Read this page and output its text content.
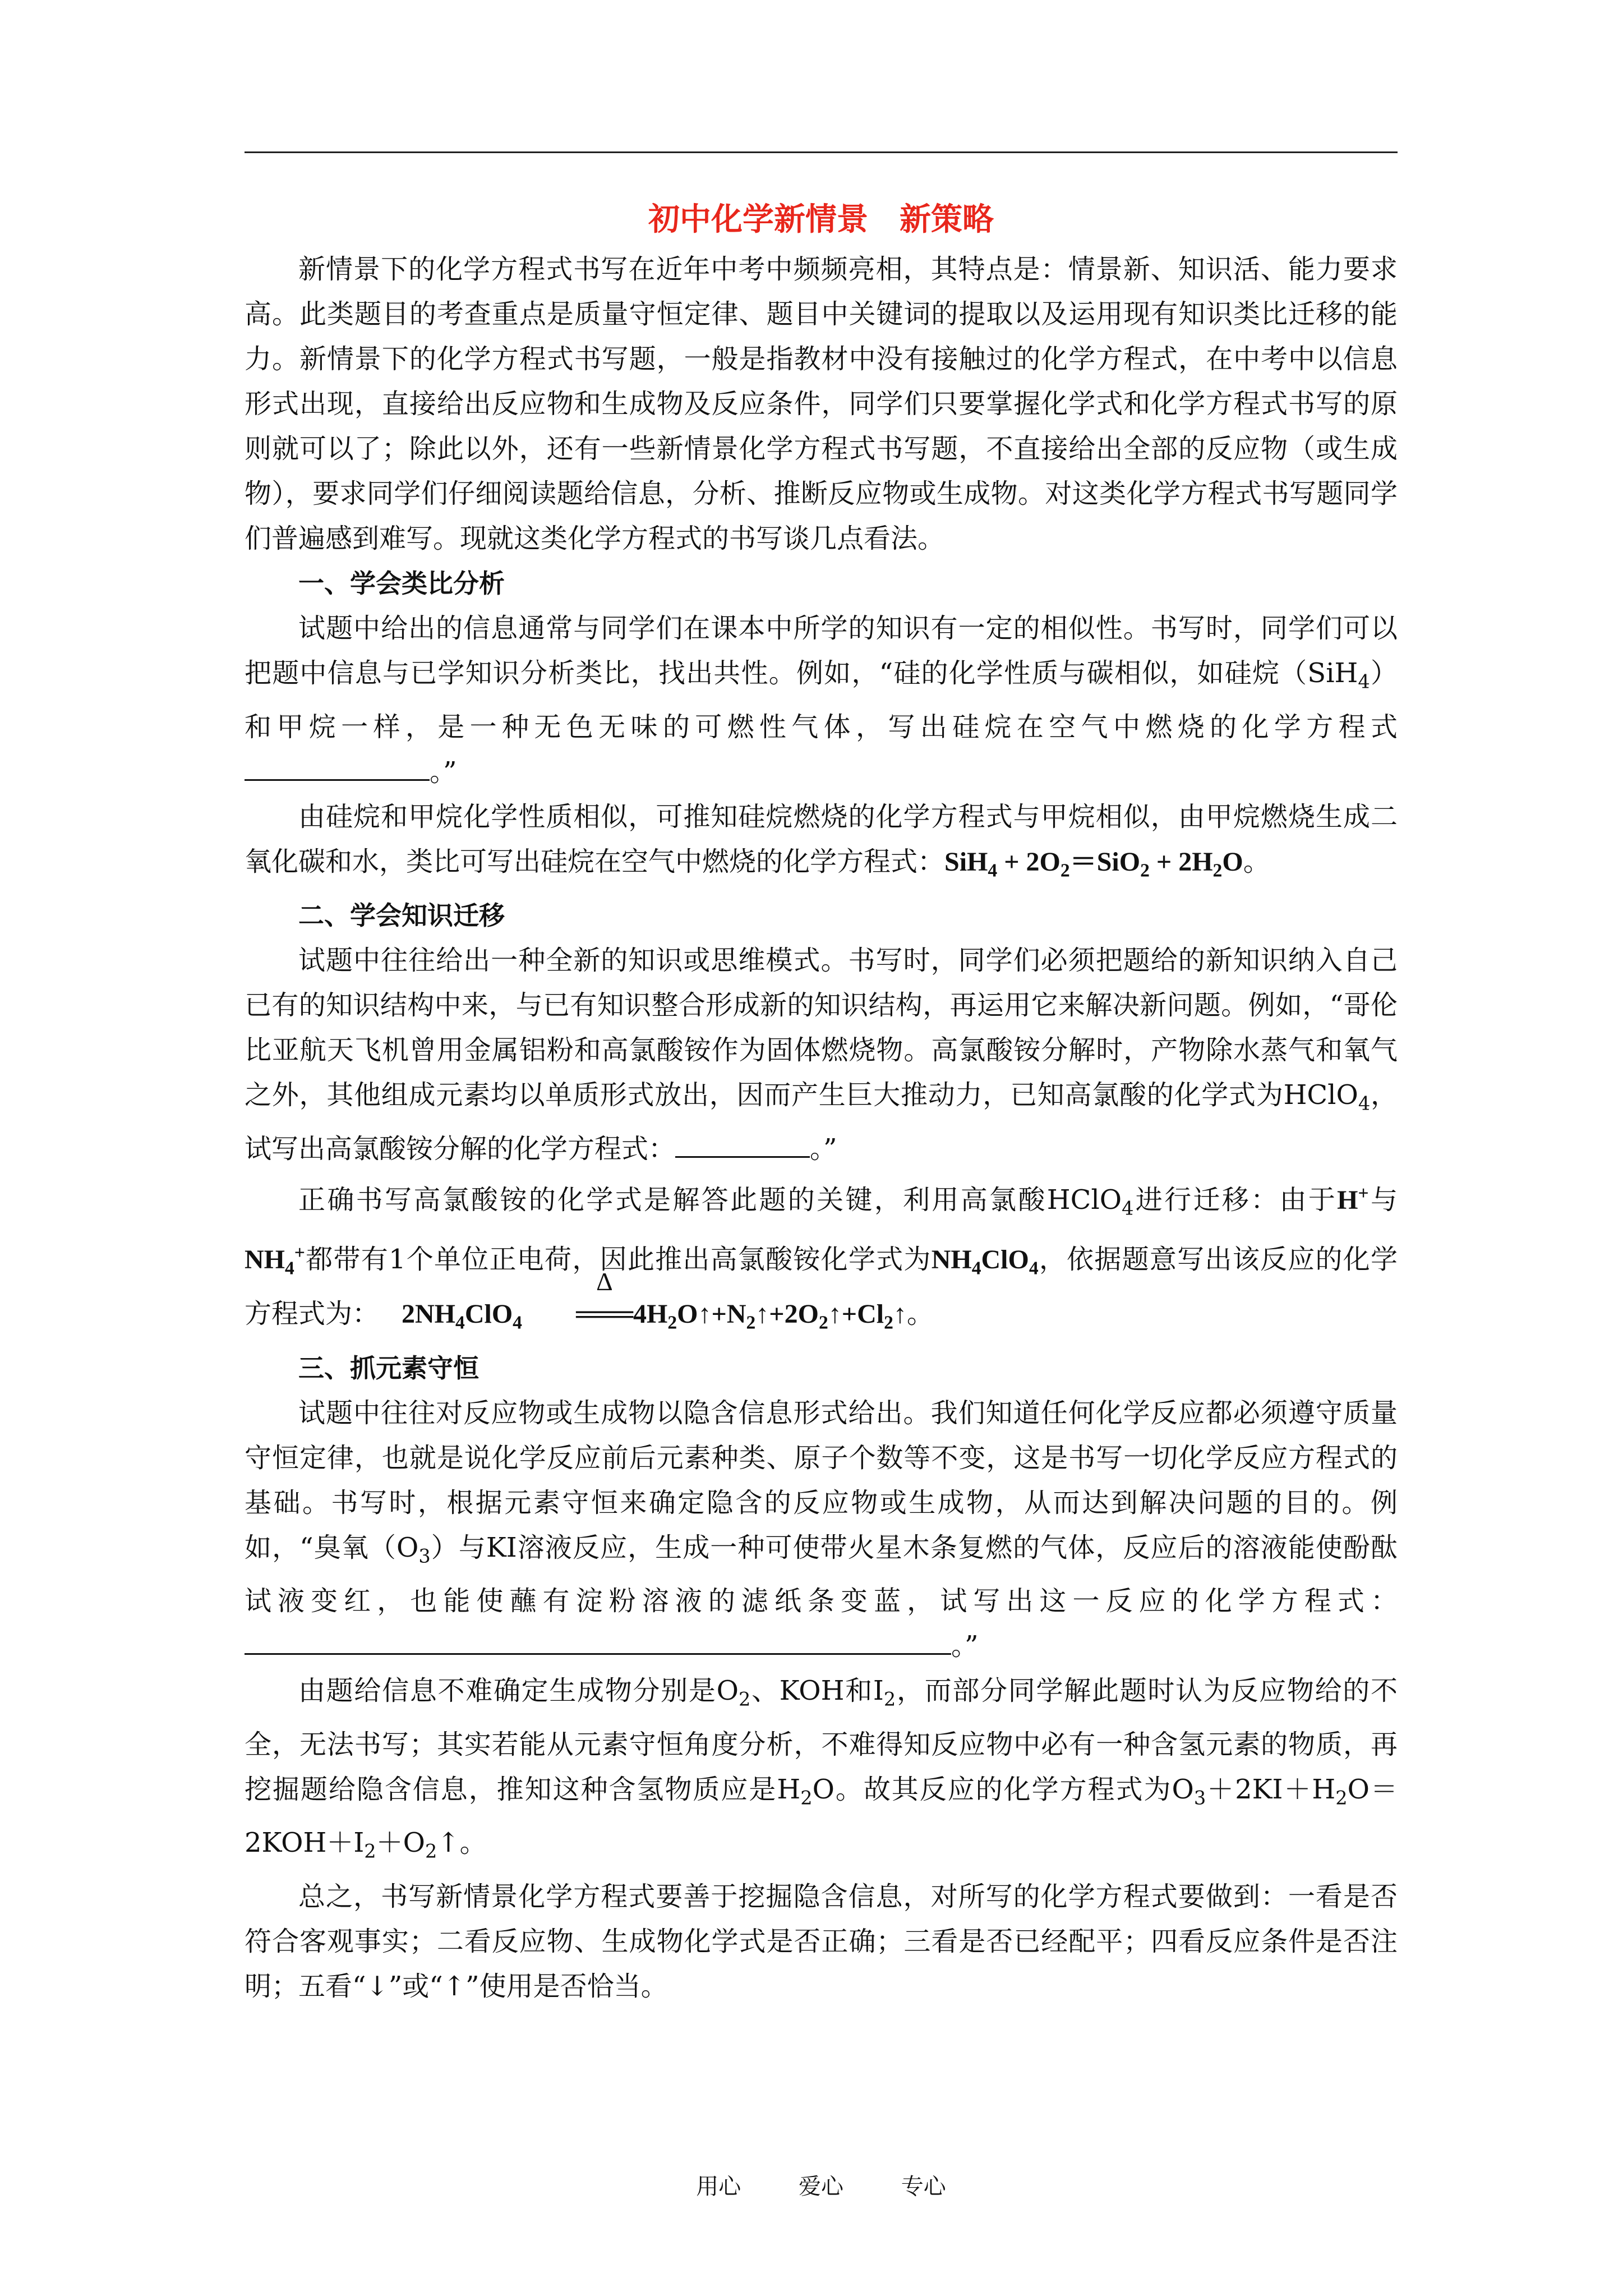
初中化学新情景　新策略

新情景下的化学方程式书写在近年中考中频频亮相，其特点是：情景新、知识活、能力要求高。此类题目的考查重点是质量守恒定律、题目中关键词的提取以及运用现有知识类比迁移的能力。新情景下的化学方程式书写题，一般是指教材中没有接触过的化学方程式，在中考中以信息形式出现，直接给出反应物和生成物及反应条件，同学们只要掌握化学式和化学方程式书写的原则就可以了；除此以外，还有一些新情景化学方程式书写题，不直接给出全部的反应物（或生成物），要求同学们仔细阅读题给信息，分析、推断反应物或生成物。对这类化学方程式书写题同学们普遍感到难写。现就这类化学方程式的书写谈几点看法。

一、学会类比分析

试题中给出的信息通常与同学们在课本中所学的知识有一定的相似性。书写时，同学们可以把题中信息与已学知识分析类比，找出共性。例如，“硅的化学性质与碳相似，如硅烷（SiH$_4$）和甲烷一样，是一种无色无味的可燃性气体，写出硅烷在空气中燃烧的化学方程式。”

由硅烷和甲烷化学性质相似，可推知硅烷燃烧的化学方程式与甲烷相似，由甲烷燃烧生成二氧化碳和水，类比可写出硅烷在空气中燃烧的化学方程式：$SiH_4 + 2O_2=SiO_2 + 2H_2O$。

二、学会知识迁移

试题中往往给出一种全新的知识或思维模式。书写时，同学们必须把题给的新知识纳入自己已有的知识结构中来，与已有知识整合形成新的知识结构，再运用它来解决新问题。例如，“哥伦比亚航天飞机曾用金属铝粉和高氯酸铵作为固体燃烧物。高氯酸铵分解时，产物除水蒸气和氧气之外，其他组成元素均以单质形式放出，因而产生巨大推动力，已知高氯酸的化学式为HClO$_4$，试写出高氯酸铵分解的化学方程式：	。”

正确书写高氯酸铵的化学式是解答此题的关键，利用高氯酸HClO$_4$进行迁移：由于H+与$NH_4^+$都带有1个单位正电荷，因此推出高氯酸铵化学式为$NH_4ClO_4$，依据题意写出该反应的化学方程式为： $2NH_4ClO_4$
Δ
$═══4H_2O↑+N_2↑+2O_2↑+Cl_2↑$。

三、抓元素守恒

试题中往往对反应物或生成物以隐含信息形式给出。我们知道任何化学反应都必须遵守质量守恒定律，也就是说化学反应前后元素种类、原子个数等不变，这是书写一切化学反应方程式的基础。书写时，根据元素守恒来确定隐含的反应物或生成物，从而达到解决问题的目的。例如，“臭氧$(O_3)$与KI溶液反应，生成一种可使带火星木条复燃的气体，反应后的溶液能使酚酞试液变红，也能使蘸有淀粉溶液的滤纸条变蓝，试写出这一反应的化学方程式：。”

由题给信息不难确定生成物分别是$O_2$、KOH和$I_2$，而部分同学解此题时认为反应物给的不全，无法书写；其实若能从元素守恒角度分析，不难得知反应物中必有一种含氢元素的物质，再挖掘题给隐含信息，推知这种含氢物质应是$H_2O$。故其反应的化学方程式为$O_3+2KI+H_2O=2KOH+I_2+O_2↑$。

总之，书写新情景化学方程式要善于挖掘隐含信息，对所写的化学方程式要做到：一看是否符合客观事实；二看反应物、生成物化学式是否正确；三看是否已经配平；四看反应条件是否注明；五看“↓”或“↑”使用是否恰当。

用心	爱心	专心
